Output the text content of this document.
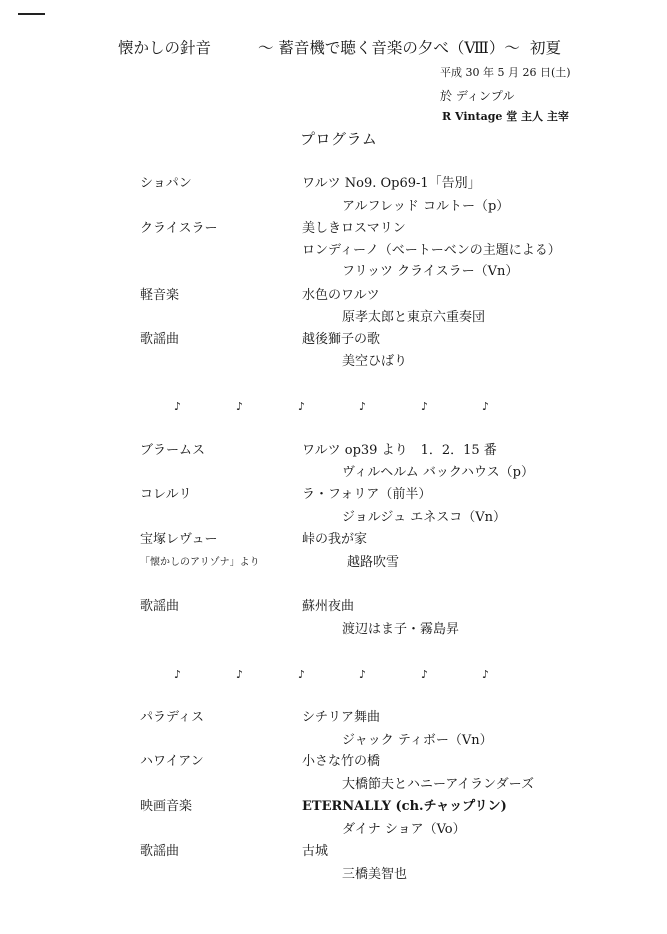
懐かしの針音	～ 蓄音機で聴く音楽の夕べ（Ⅷ）～ 初夏
平成 30 年 5 月 26 日(土)
於 ディンプル
R Vintage 堂 主人 主宰
プログラム
ショパン	ワルツ No9. Op69-1「告別」
アルフレッド コルトー（p）
クライスラー	美しきロスマリン
ロンディーノ（ベートーベンの主題による）
フリッツ クライスラー（Vn）
軽音楽	水色のワルツ
原孝太郎と東京六重奏団
歌謡曲	越後獅子の歌
美空ひばり
♪	♪	♪	♪	♪	♪
ブラームス	ワルツ op39 より　1．2．15 番
ヴィルヘルム バックハウス（p）
コレルリ	ラ・フォリア（前半）
ジョルジュ エネスコ（Vn）
宝塚レヴュー	峠の我が家
「懐かしのアリゾナ」より	越路吹雪
歌謡曲	蘇州夜曲
渡辺はま子・霧島昇
♪	♪	♪	♪	♪	♪
パラディス	シチリア舞曲
ジャック ティボー（Vn）
ハワイアン	小さな竹の橋
大橋節夫とハニーアイランダーズ
映画音楽	ETERNALLY (ch.チャップリン)
ダイナ ショア（Vo）
歌謡曲	古城
三橋美智也
